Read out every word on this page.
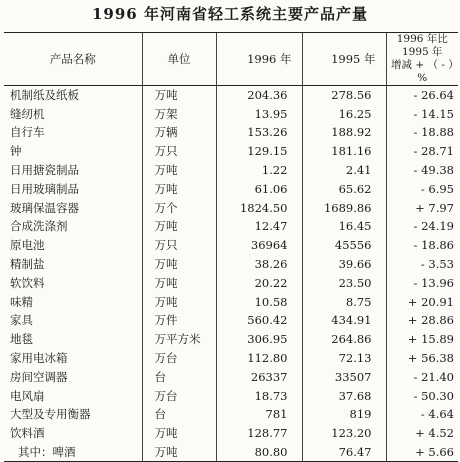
1996 年河南省轻工系统主要产品产量
产品名称	单位	1996 年	1995 年	1996 年比
1995 年
增减 + （ - ）%

机制纸及纸板	万吨	204.36	278.56	- 26.64
缝纫机	万架	13.95	16.25	- 14.15
自行车	万辆	153.26	188.92	- 18.88
钟	万只	129.15	181.16	- 28.71
日用搪瓷制品	万吨	1.22	2.41	- 49.38
日用玻璃制品	万吨	61.06	65.62	- 6.95
玻璃保温容器	万个	1824.50	1689.86	+ 7.97
合成洗涤剂	万吨	12.47	16.45	- 24.19
原电池	万只	36964	45556	- 18.86
精制盐	万吨	38.26	39.66	- 3.53
软饮料	万吨	20.22	23.50	- 13.96
味精	万吨	10.58	8.75	+ 20.91
家具	万件	560.42	434.91	+ 28.86
地毯	万平方米	306.95	264.86	+ 15.89
家用电冰箱	万台	112.80	72.13	+ 56.38
房间空调器	台	26337	33507	- 21.40
电风扇	万台	18.73	37.68	- 50.30
大型及专用衡器	台	781	819	- 4.64
饮料酒	万吨	128.77	123.20	+ 4.52
其中：啤酒	万吨	80.80	76.47	+ 5.66
